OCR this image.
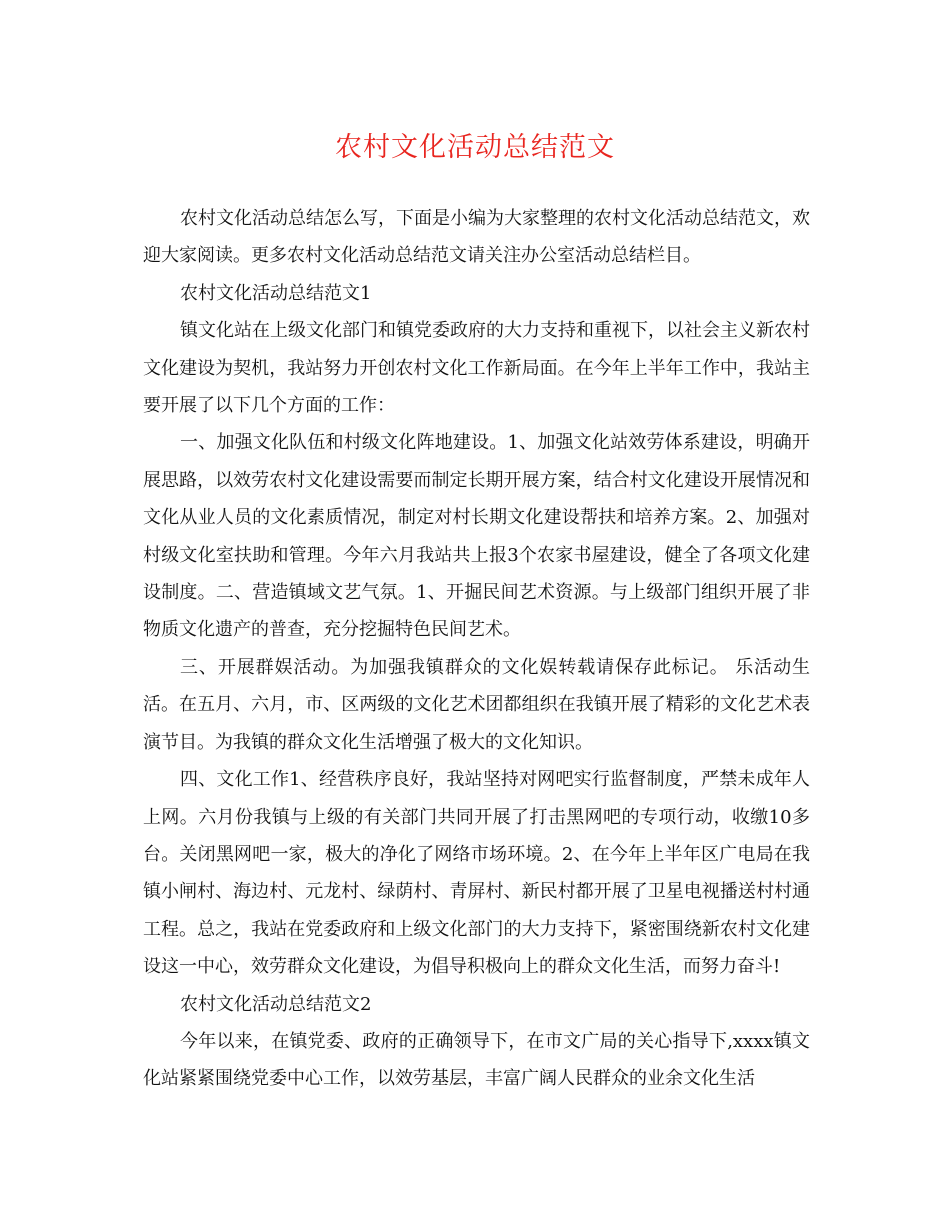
农村文化活动总结范文

农村文化活动总结怎么写，下面是小编为大家整理的农村文化活动总结范文，欢迎大家阅读。更多农村文化活动总结范文请关注办公室活动总结栏目。

农村文化活动总结范文1

镇文化站在上级文化部门和镇党委政府的大力支持和重视下，以社会主义新农村文化建设为契机，我站努力开创农村文化工作新局面。在今年上半年工作中，我站主要开展了以下几个方面的工作：

一、加强文化队伍和村级文化阵地建设。1、加强文化站效劳体系建设，明确开展思路，以效劳农村文化建设需要而制定长期开展方案，结合村文化建设开展情况和文化从业人员的文化素质情况，制定对村长期文化建设帮扶和培养方案。2、加强对村级文化室扶助和管理。今年六月我站共上报3个农家书屋建设，健全了各项文化建设制度。二、营造镇域文艺气氛。1、开掘民间艺术资源。与上级部门组织开展了非物质文化遗产的普查，充分挖掘特色民间艺术。

三、开展群娱活动。为加强我镇群众的文化娱转载请保存此标记。 乐活动生活。在五月、六月，市、区两级的文化艺术团都组织在我镇开展了精彩的文化艺术表演节目。为我镇的群众文化生活增强了极大的文化知识。

四、文化工作1、经营秩序良好，我站坚持对网吧实行监督制度，严禁未成年人上网。六月份我镇与上级的有关部门共同开展了打击黑网吧的专项行动，收缴10多台。关闭黑网吧一家，极大的净化了网络市场环境。2、在今年上半年区广电局在我镇小闸村、海边村、元龙村、绿荫村、青屏村、新民村都开展了卫星电视播送村村通工程。总之，我站在党委政府和上级文化部门的大力支持下，紧密围绕新农村文化建设这一中心，效劳群众文化建设，为倡导积极向上的群众文化生活，而努力奋斗!

农村文化活动总结范文2

今年以来，在镇党委、政府的正确领导下，在市文广局的关心指导下,xxxx镇文化站紧紧围绕党委中心工作，以效劳基层，丰富广阔人民群众的业余文化生活
